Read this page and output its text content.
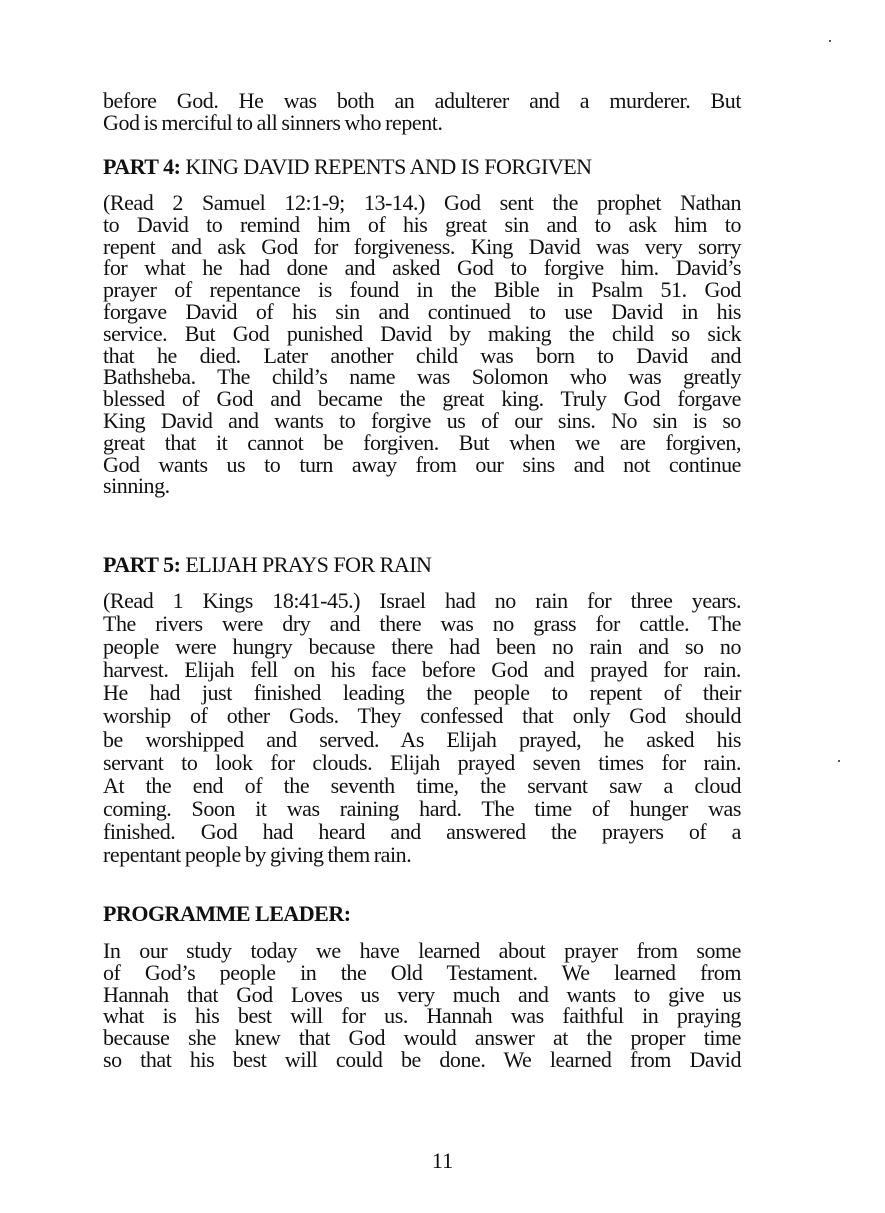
before God. He was both an adulterer and a murderer. But
God is merciful to all sinners who repent.
PART 4: KING DAVID REPENTS AND IS FORGIVEN
(Read 2 Samuel 12:1-9; 13-14.) God sent the prophet Nathan
to David to remind him of his great sin and to ask him to
repent and ask God for forgiveness. King David was very sorry
for what he had done and asked God to forgive him. David’s
prayer of repentance is found in the Bible in Psalm 51. God
forgave David of his sin and continued to use David in his
service. But God punished David by making the child so sick
that he died. Later another child was born to David and
Bathsheba. The child’s name was Solomon who was greatly
blessed of God and became the great king. Truly God forgave
King David and wants to forgive us of our sins. No sin is so
great that it cannot be forgiven. But when we are forgiven,
God wants us to turn away from our sins and not continue
sinning.
PART 5: ELIJAH PRAYS FOR RAIN
(Read 1 Kings 18:41-45.) Israel had no rain for three years.
The rivers were dry and there was no grass for cattle. The
people were hungry because there had been no rain and so no
harvest. Elijah fell on his face before God and prayed for rain.
He had just finished leading the people to repent of their
worship of other Gods. They confessed that only God should
be worshipped and served. As Elijah prayed, he asked his
servant to look for clouds. Elijah prayed seven times for rain.
At the end of the seventh time, the servant saw a cloud
coming. Soon it was raining hard. The time of hunger was
finished. God had heard and answered the prayers of a
repentant people by giving them rain.
PROGRAMME LEADER:
In our study today we have learned about prayer from some
of God’s people in the Old Testament. We learned from
Hannah that God Loves us very much and wants to give us
what is his best will for us. Hannah was faithful in praying
because she knew that God would answer at the proper time
so that his best will could be done. We learned from David
11
